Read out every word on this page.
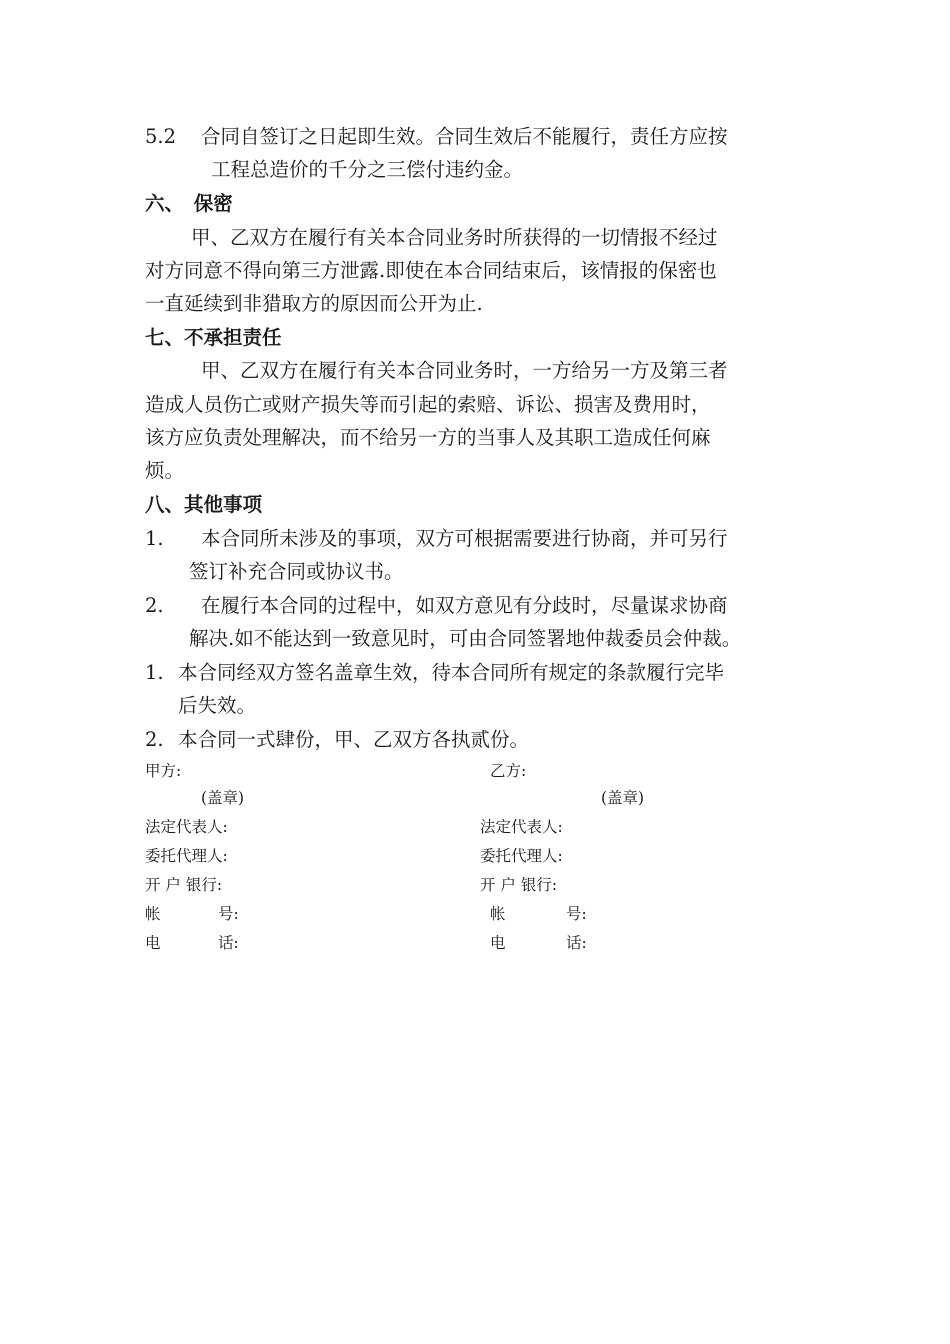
5.2 合同自签订之日起即生效。合同生效后不能履行，责任方应按
工程总造价的千分之三偿付违约金。
六、　保密
甲、乙双方在履行有关本合同业务时所获得的一切情报不经过
对方同意不得向第三方泄露.即使在本合同结束后，该情报的保密也
一直延续到非猎取方的原因而公开为止.
七、不承担责任
甲、乙双方在履行有关本合同业务时，一方给另一方及第三者
造成人员伤亡或财产损失等而引起的索赔、诉讼、损害及费用时，
该方应负责处理解决，而不给另一方的当事人及其职工造成任何麻
烦。
八、其他事项
1. 本合同所未涉及的事项，双方可根据需要进行协商，并可另行
签订补充合同或协议书。
2. 在履行本合同的过程中，如双方意见有分歧时，尽量谋求协商
解决.如不能达到一致意见时，可由合同签署地仲裁委员会仲裁。
1. 本合同经双方签名盖章生效，待本合同所有规定的条款履行完毕
后失效。
2. 本合同一式肆份，甲、乙双方各执贰份。
甲方:
(盖章)
法定代表人:
委托代理人:
开 户 银行:
帐	号:
电	话:
乙方:
(盖章)
法定代表人:
委托代理人:
开 户 银行:
帐	号:
电	话:
